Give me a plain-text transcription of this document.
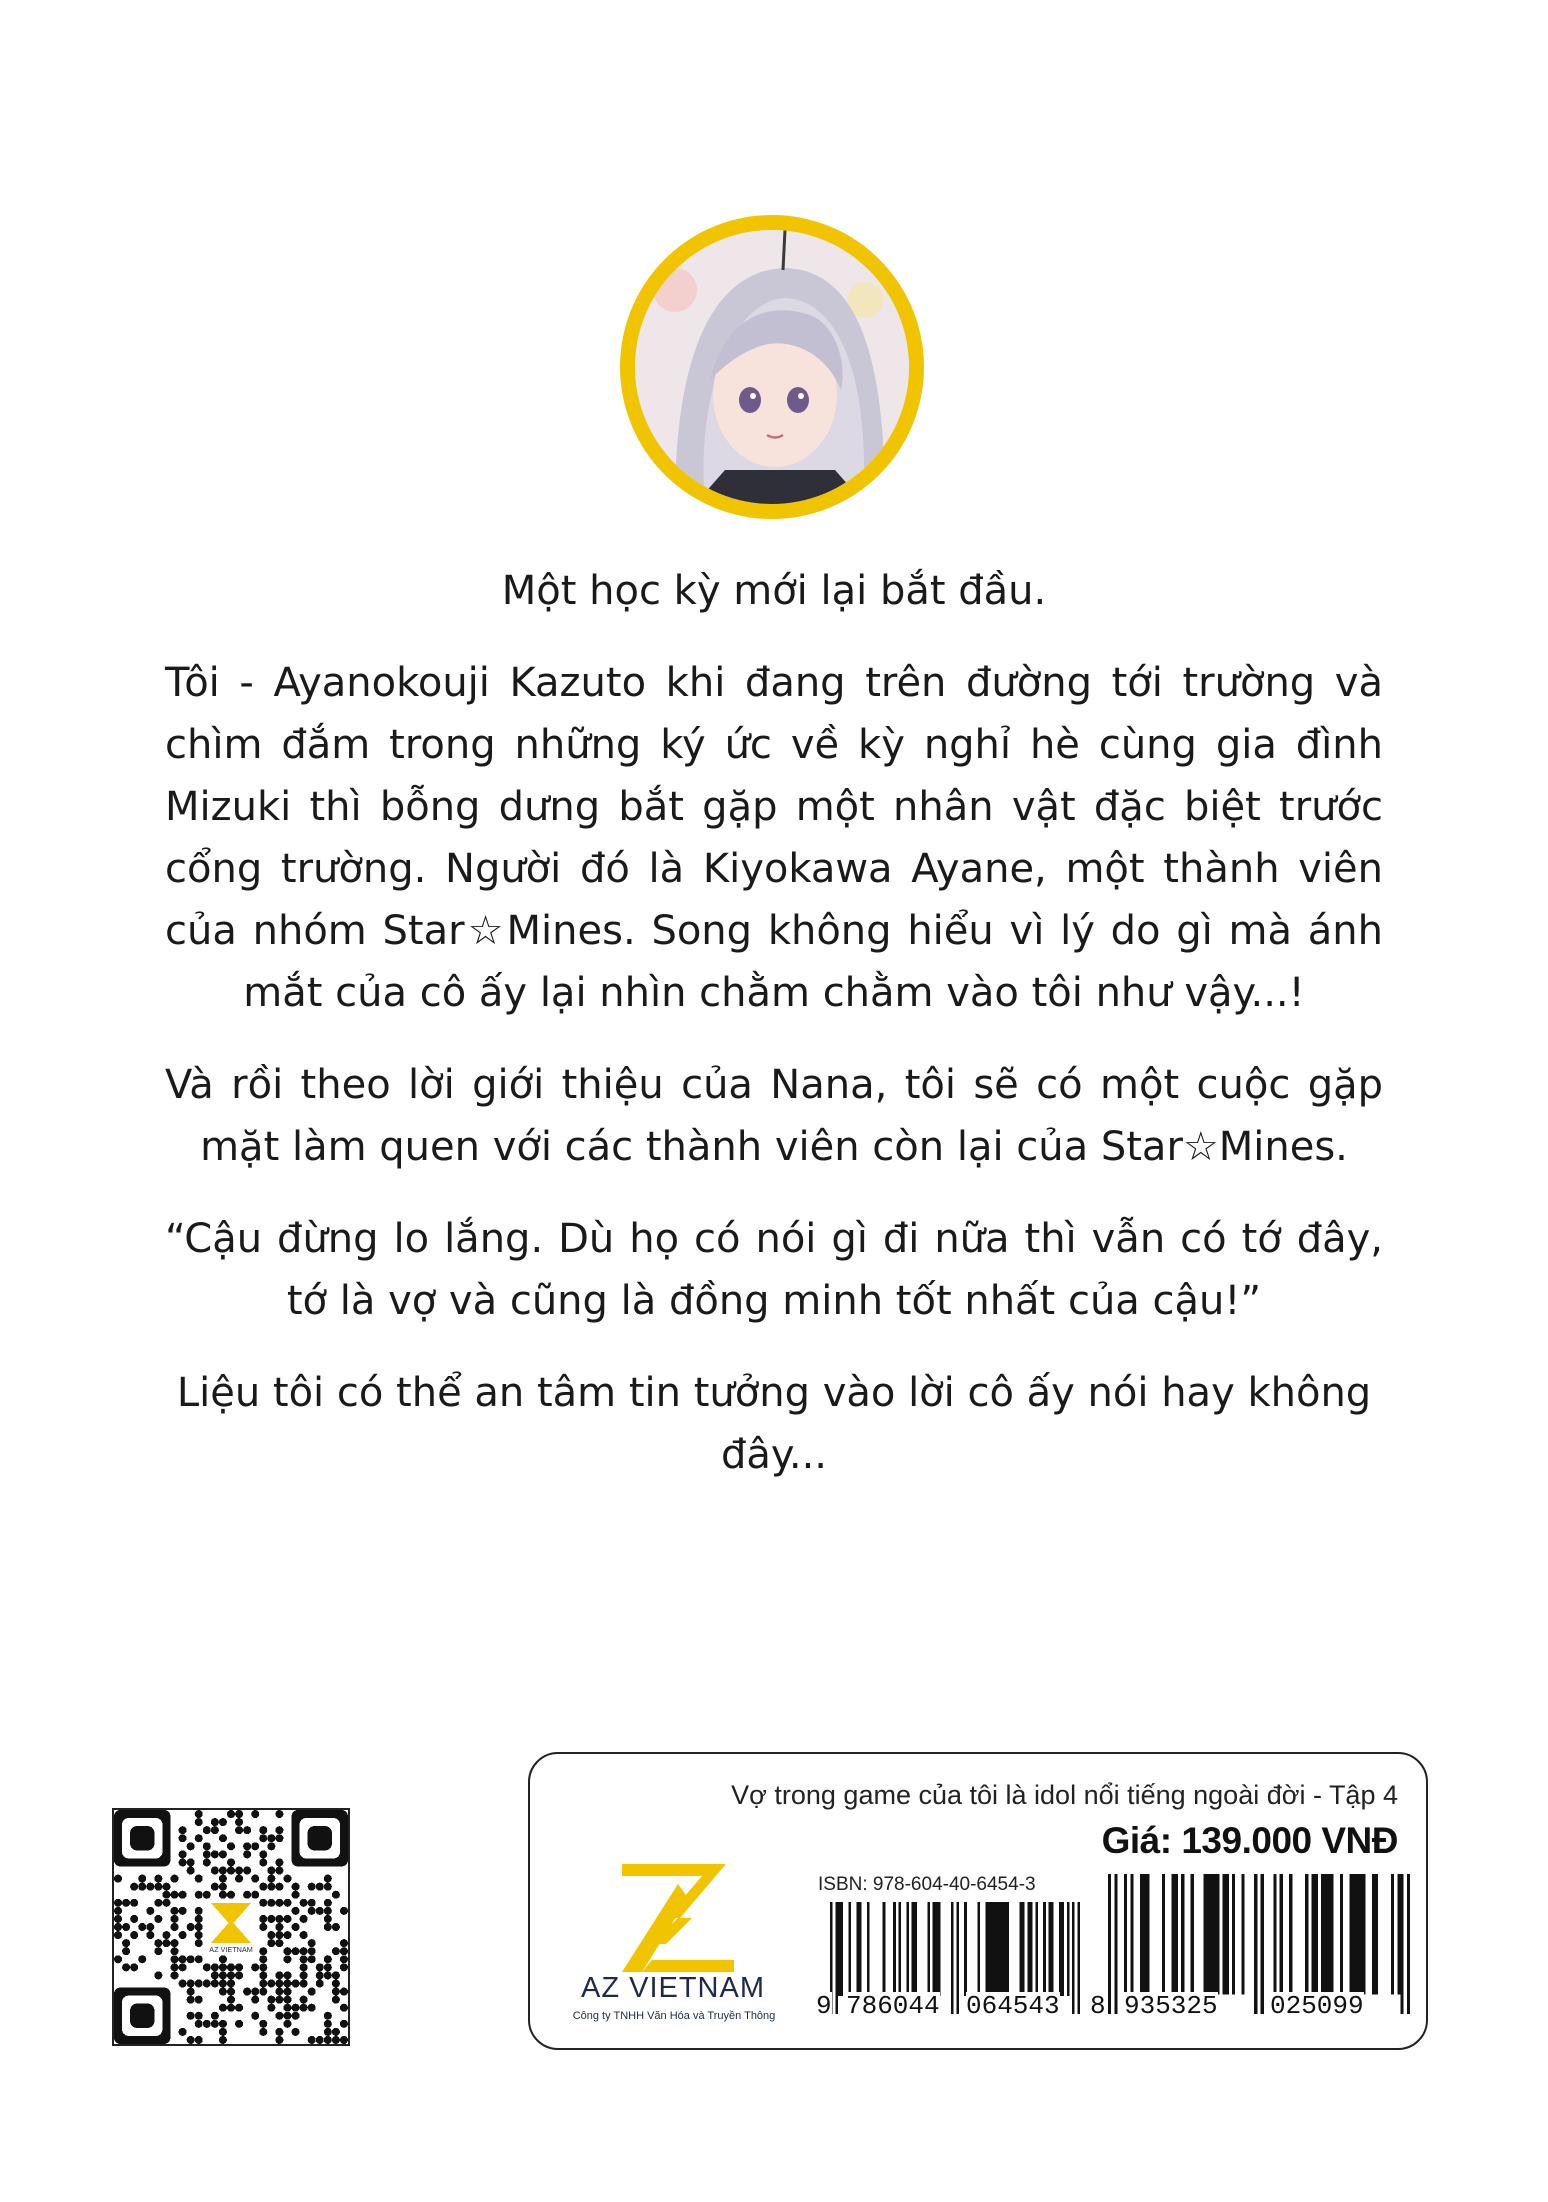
Một học kỳ mới lại bắt đầu.

Tôi - Ayanokouji Kazuto khi đang trên đường tới trường và chìm đắm trong những ký ức về kỳ nghỉ hè cùng gia đình Mizuki thì bỗng dưng bắt gặp một nhân vật đặc biệt trước cổng trường. Người đó là Kiyokawa Ayane, một thành viên của nhóm Star☆Mines. Song không hiểu vì lý do gì mà ánh mắt của cô ấy lại nhìn chằm chằm vào tôi như vậy...!

Và rồi theo lời giới thiệu của Nana, tôi sẽ có một cuộc gặp mặt làm quen với các thành viên còn lại của Star☆Mines.

“Cậu đừng lo lắng. Dù họ có nói gì đi nữa thì vẫn có tớ đây, tớ là vợ và cũng là đồng minh tốt nhất của cậu!”

Liệu tôi có thể an tâm tin tưởng vào lời cô ấy nói hay không đây...

Vợ trong game của tôi là idol nổi tiếng ngoài đời - Tập 4
Giá: 139.000 VNĐ
AZ VIETNAM
Công ty TNHH Văn Hóa và Truyền Thông
ISBN: 978-604-40-6454-3
9 786044 064543 8 935325 025099
